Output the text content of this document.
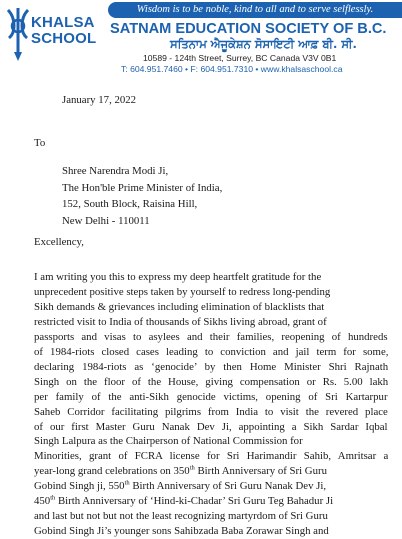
KHALSA
SCHOOL
Wisdom is to be noble, kind to all and to serve selflessly.
SATNAM EDUCATION SOCIETY OF B.C.
ਸਤਿਨਾਮ ਐਜੂਕੇਸ਼ਨ ਸੋਸਾਇਟੀ ਆਫ਼ ਬੀ. ਸੀ.
10589 - 124th Street, Surrey, BC Canada V3V 0B1
T: 604.951.7460 • F: 604.951.7310 • www.khalsaschool.ca
January 17, 2022
To
Shree Narendra Modi Ji,
The Hon'ble Prime Minister of India,
152, South Block, Raisina Hill,
New Delhi - 110011
Excellency,
I am writing you this to express my deep heartfelt gratitude for the
unprecedent positive steps taken by yourself to redress long-pending
Sikh demands & grievances including elimination of blacklists that
restricted visit to India of thousands of Sikhs living abroad, grant of
passports and visas to asylees and their families, reopening of hundreds
of 1984-riots closed cases leading to conviction and jail term for some,
declaring 1984-riots as ‘genocide’ by then Home Minister Shri Rajnath
Singh on the floor of the House, giving compensation or Rs. 5.00 lakh
per family of the anti-Sikh genocide victims, opening of Sri Kartarpur
Saheb Corridor facilitating pilgrims from India to visit the revered place
of our first Master Guru Nanak Dev Ji, appointing a Sikh Sardar Iqbal
Singh Lalpura as the Chairperson of National Commission for
Minorities, grant of FCRA license for Sri Harimandir Sahib, Amritsar a
year-long grand celebrations on 350th Birth Anniversary of Sri Guru
Gobind Singh ji, 550th Birth Anniversary of Sri Guru Nanak Dev Ji,
450th Birth Anniversary of ‘Hind-ki-Chadar’ Sri Guru Teg Bahadur Ji
and last but not but not the least recognizing martyrdom of Sri Guru
Gobind Singh Ji’s younger sons Sahibzada Baba Zorawar Singh and
